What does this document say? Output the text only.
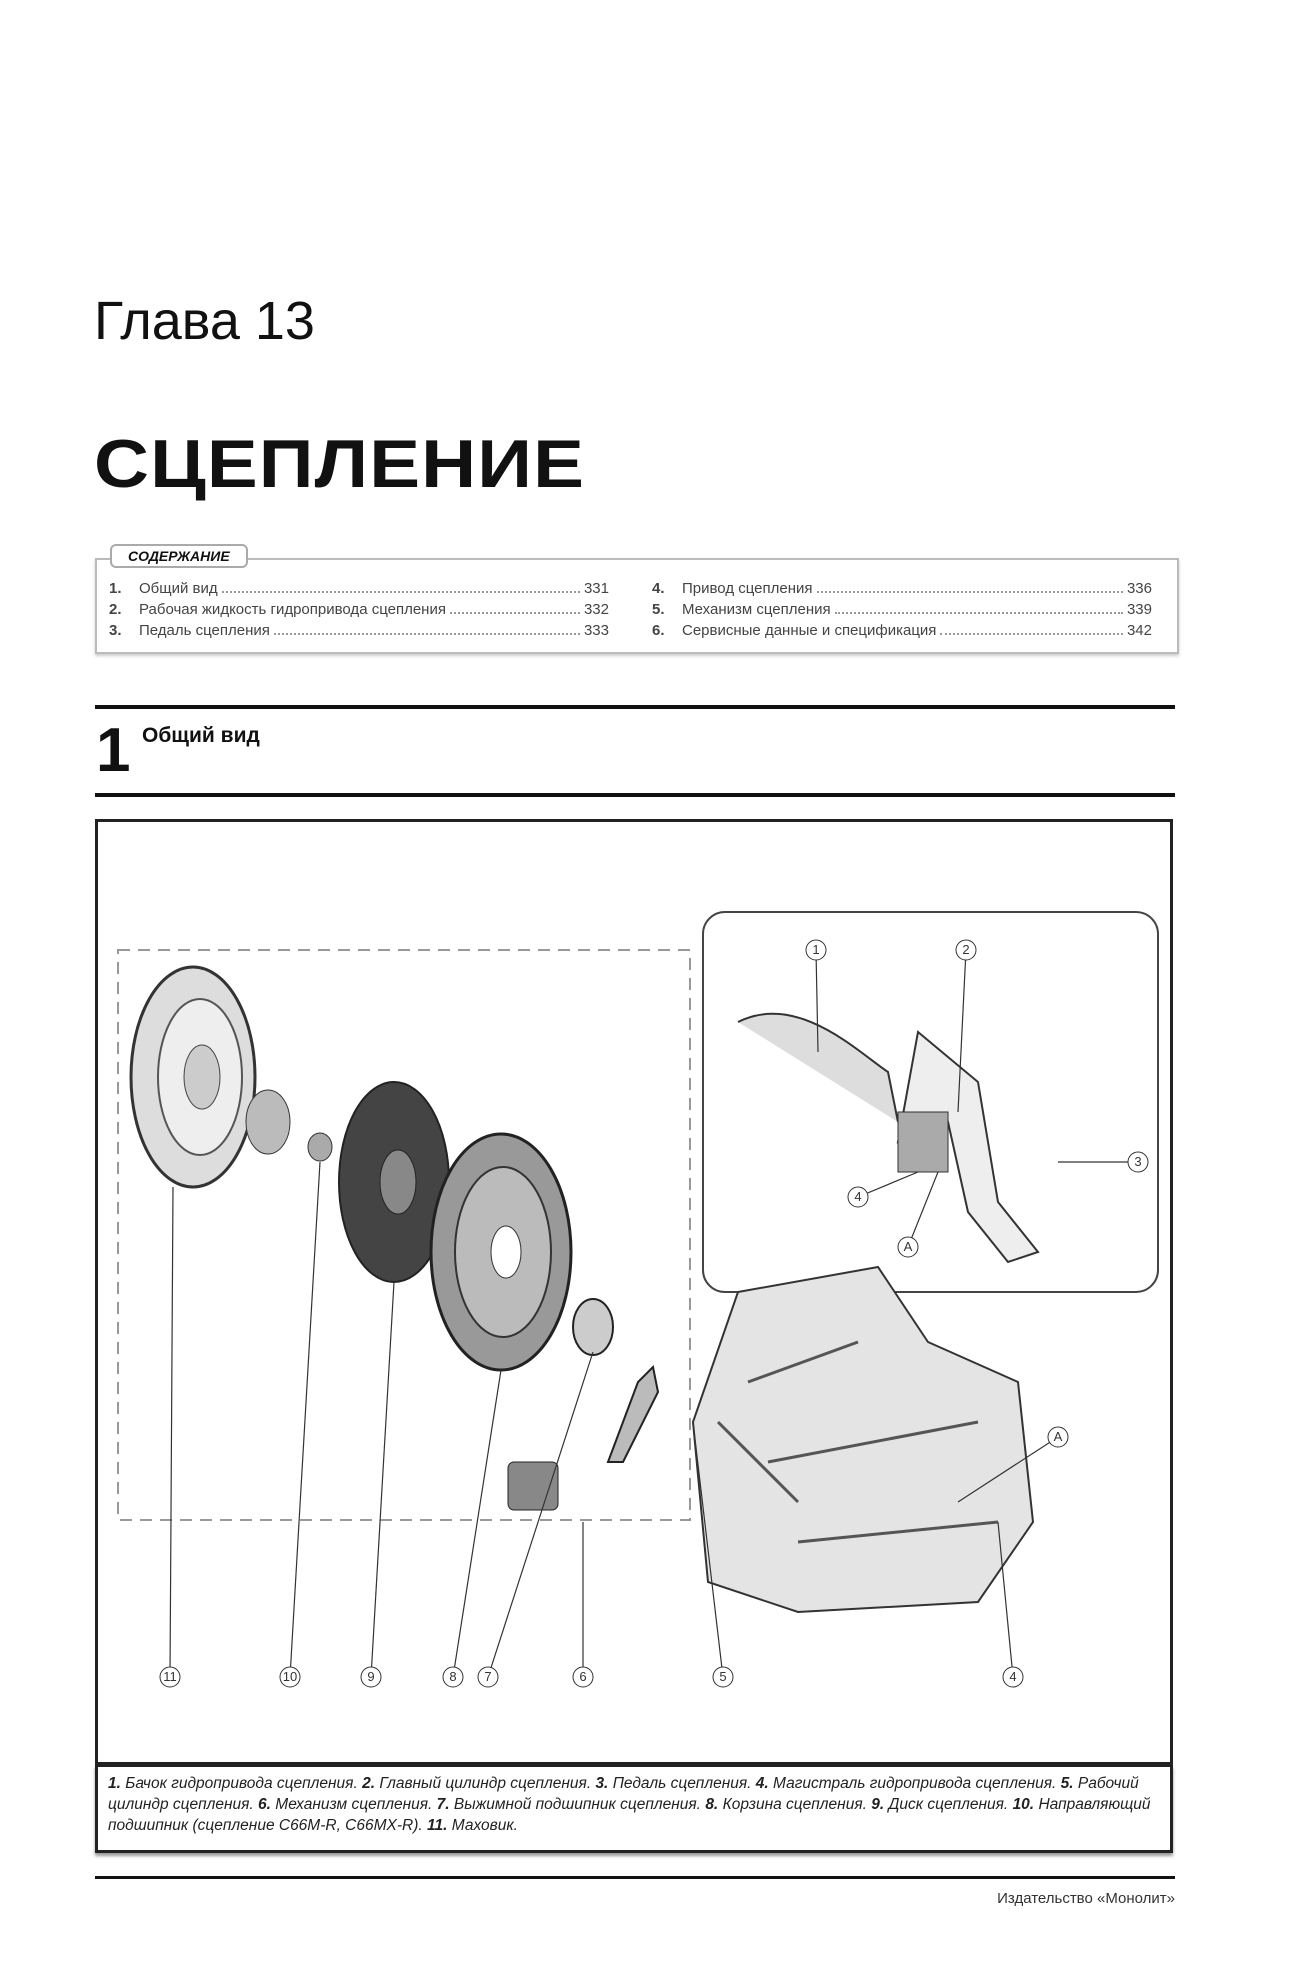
Глава 13
СЦЕПЛЕНИЕ
1.	Общий вид	331
2.	Рабочая жидкость гидропривода сцепления	332
3.	Педаль сцепления	333
4.	Привод сцепления	336
5.	Механизм сцепления	339
6.	Сервисные данные и спецификация	342
СОДЕРЖАНИЕ
1 Общий вид
11	10	9	8 7	6	5	4
1	2
3
4
A
A
1. Бачок гидропривода сцепления. 2. Главный цилиндр сцепления. 3. Педаль сцепления. 4. Магистраль гидропривода сцепления. 5. Рабочий цилиндр сцепления. 6. Механизм сцепления. 7. Выжимной подшипник сцепления. 8. Корзина сцепления. 9. Диск сцепления. 10. Направляющий подшипник (сцепление C66M-R, C66MX-R). 11. Маховик.
Издательство «Монолит»
